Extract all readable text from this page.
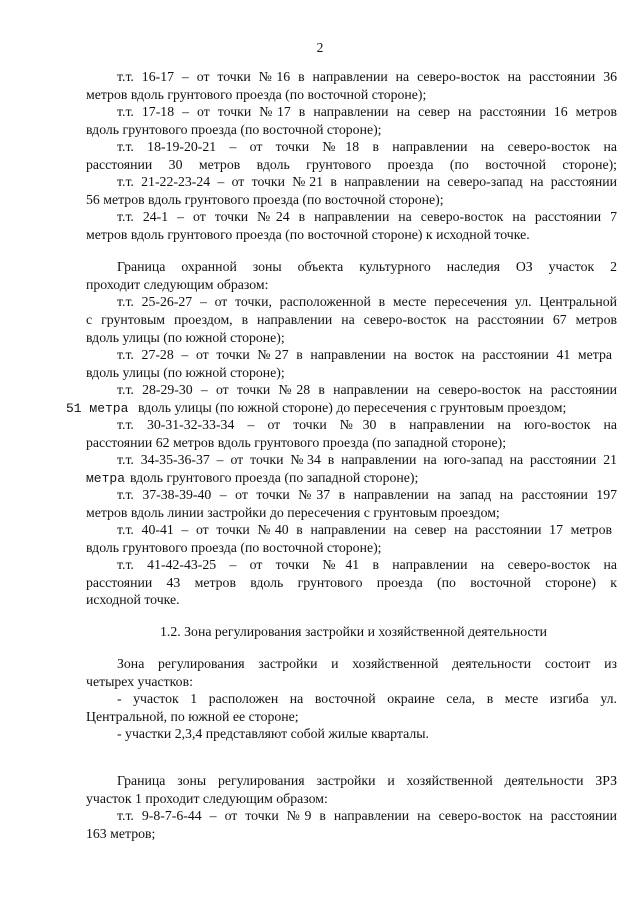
2
т.т. 16-17 – от точки №16 в направлении на северо-восток на расстоянии 36
метров вдоль грунтового проезда (по восточной стороне);
т.т. 17-18 – от точки №17 в направлении на север на расстоянии 16 метров
вдоль грунтового проезда (по восточной стороне);
т.т. 18-19-20-21 – от точки №18 в направлении на северо-восток на
расстоянии 30 метров вдоль грунтового проезда (по восточной стороне);
т.т. 21-22-23-24 – от точки №21 в направлении на северо-запад на расстоянии
56 метров вдоль грунтового проезда (по восточной стороне);
т.т. 24-1 – от точки №24 в направлении на северо-восток на расстоянии 7
метров вдоль грунтового проезда (по восточной стороне) к исходной точке.
Граница охранной зоны объекта культурного наследия ОЗ участок 2
проходит следующим образом:
т.т. 25-26-27 – от точки, расположенной в месте пересечения ул. Центральной
с грунтовым проездом, в направлении на северо-восток на расстоянии 67 метров
вдоль улицы (по южной стороне);
т.т. 27-28 – от точки №27 в направлении на восток на расстоянии 41 метра
вдоль улицы (по южной стороне);
т.т. 28-29-30 – от точки №28 в направлении на северо-восток на расстоянии
вдоль улицы (по южной стороне) до пересечения с грунтовым проездом;
т.т. 30-31-32-33-34 – от точки №30 в направлении на юго-восток на
расстоянии 62 метров вдоль грунтового проезда (по западной стороне);
т.т. 34-35-36-37 – от точки №34 в направлении на юго-запад на расстоянии 21
вдоль грунтового проезда (по западной стороне);
т.т. 37-38-39-40 – от точки №37 в направлении на запад на расстоянии 197
метров вдоль линии застройки до пересечения с грунтовым проездом;
т.т. 40-41 – от точки №40 в направлении на север на расстоянии 17 метров
вдоль грунтового проезда (по восточной стороне);
т.т. 41-42-43-25 – от точки №41 в направлении на северо-восток на
расстоянии 43 метров вдоль грунтового проезда (по восточной стороне) к
исходной точке.
1.2. Зона регулирования застройки и хозяйственной деятельности
Зона регулирования застройки и хозяйственной деятельности состоит из
четырех участков:
- участок 1 расположен на восточной окраине села, в месте изгиба ул.
Центральной, по южной ее стороне;
- участки 2,3,4 представляют собой жилые кварталы.
Граница зоны регулирования застройки и хозяйственной деятельности ЗРЗ
участок 1 проходит следующим образом:
т.т. 9-8-7-6-44 – от точки №9 в направлении на северо-восток на расстоянии
163 метров;
51 метра
метра
